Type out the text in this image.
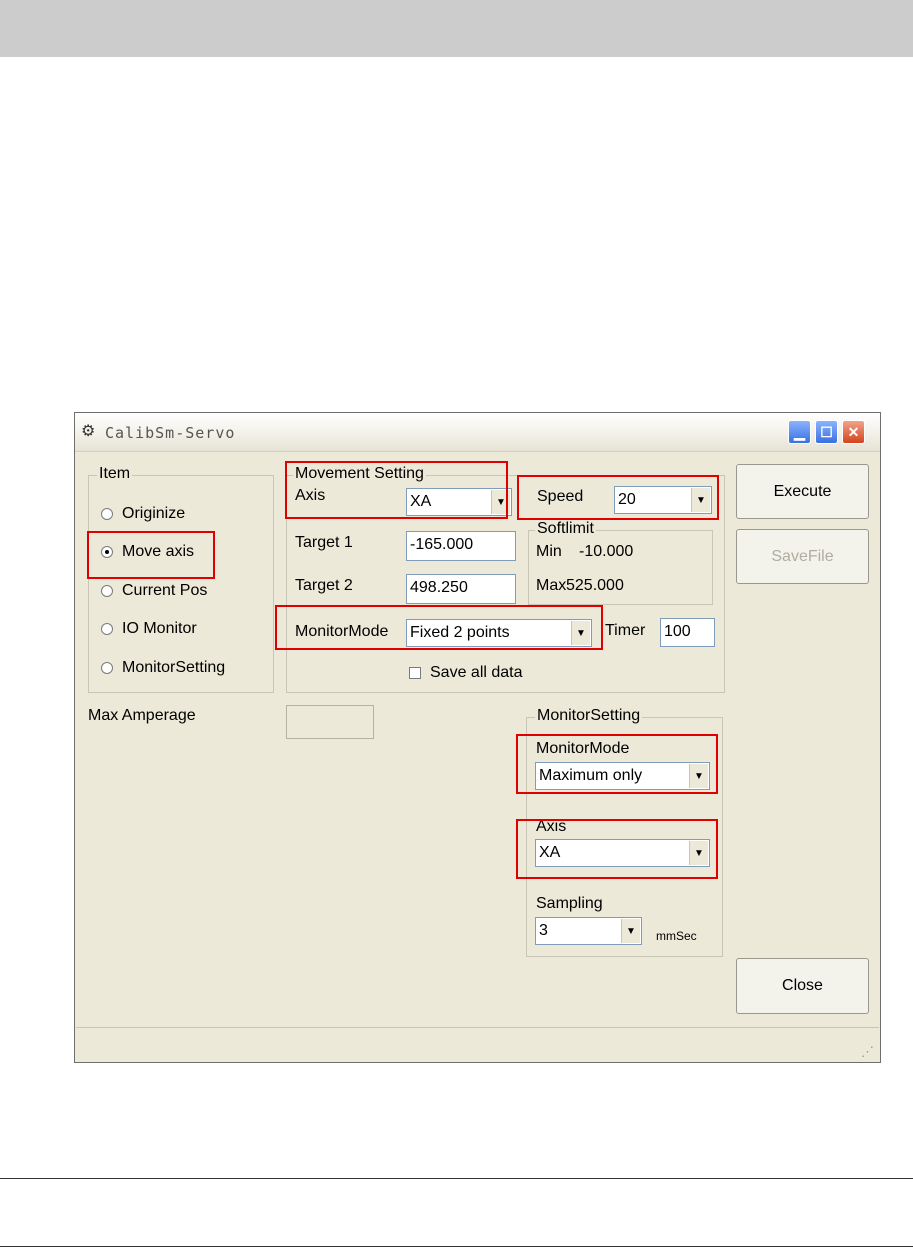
⚙ CalibSm-Servo	▁	☐	✕
Item
Originize
Move axis
Current Pos
IO Monitor
MonitorSetting
Movement Setting
Axis	XA	▼ Speed 20	▼
Target 1	-165.000
Target 2	498.250
Softlimit
Min -10.000
Max 525.000
MonitorMode Fixed 2 points	▼ Timer 100
Save all data
Max Amperage	MonitorSetting
MonitorMode
Maximum only	▼
Axis
XA	▼
Sampling
3	▼	mmSec
Execute
SaveFile
Close
⋰
